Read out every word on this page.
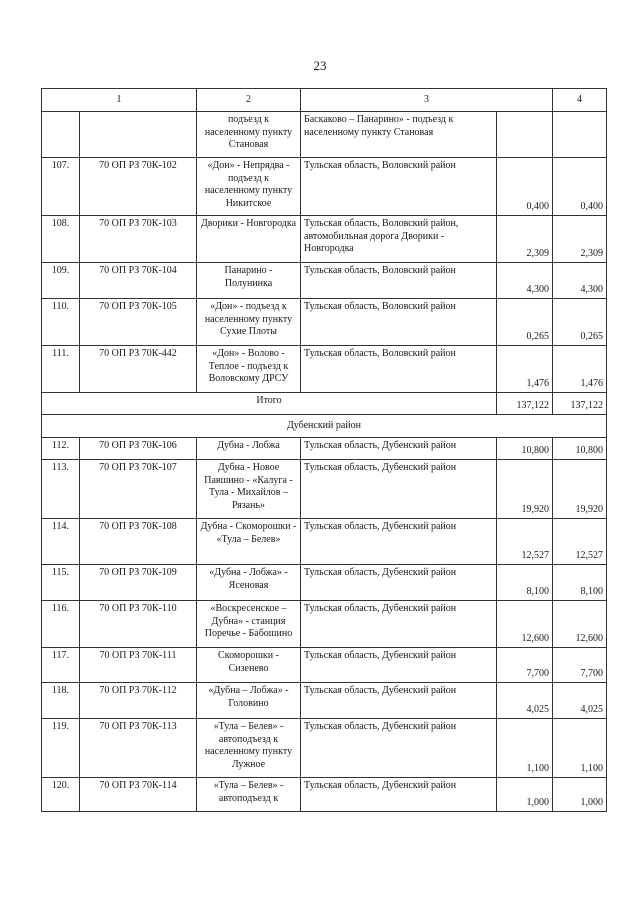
23
1		2	3		4
		подъезд к населенному пункту Становая	Баскаково – Панарино» - подъезд к населенному пункту Становая		
107.	70 ОП РЗ 70К-102	«Дон» - Непрядва - подъезд к населенному пункту Никитское	Тульская область, Воловский район	0,400	0,400
108.	70 ОП РЗ 70К-103	Дворики - Новгородка	Тульская область, Воловский район, автомобильная дорога Дворики - Новгородка	2,309	2,309
109.	70 ОП РЗ 70К-104	Панарино - Полунинка	Тульская область, Воловский район	4,300	4,300
110.	70 ОП РЗ 70К-105	«Дон» - подъезд к населенному пункту Сухие Плоты	Тульская область, Воловский район	0,265	0,265
111.	70 ОП РЗ 70К-442	«Дон» - Волово - Теплое - подъезд к Воловскому ДРСУ	Тульская область, Воловский район	1,476	1,476
Итого				137,122	137,122
Дубенский район					
112.	70 ОП РЗ 70К-106	Дубна - Лобжа	Тульская область, Дубенский район	10,800	10,800
113.	70 ОП РЗ 70К-107	Дубна - Новое Павшино - «Калуга - Тула - Михайлов – Рязань»	Тульская область, Дубенский район	19,920	19,920
114.	70 ОП РЗ 70К-108	Дубна - Скоморошки - «Тула – Белев»	Тульская область, Дубенский район	12,527	12,527
115.	70 ОП РЗ 70К-109	«Дубна - Лобжа» - Ясеновая	Тульская область, Дубенский район	8,100	8,100
116.	70 ОП РЗ 70К-110	«Воскресенское – Дубна» - станция Поречье - Бабошино	Тульская область, Дубенский район	12,600	12,600
117.	70 ОП РЗ 70К-111	Скоморошки - Сизенево	Тульская область, Дубенский район	7,700	7,700
118.	70 ОП РЗ 70К-112	«Дубна – Лобжа» - Головино	Тульская область, Дубенский район	4,025	4,025
119.	70 ОП РЗ 70К-113	«Тула – Белев» - автоподъезд к населенному пункту Лужное	Тульская область, Дубенский район	1,100	1,100
120.	70 ОП РЗ 70К-114	«Тула – Белев» - автоподъезд к	Тульская область, Дубенский район	1,000	1,000
